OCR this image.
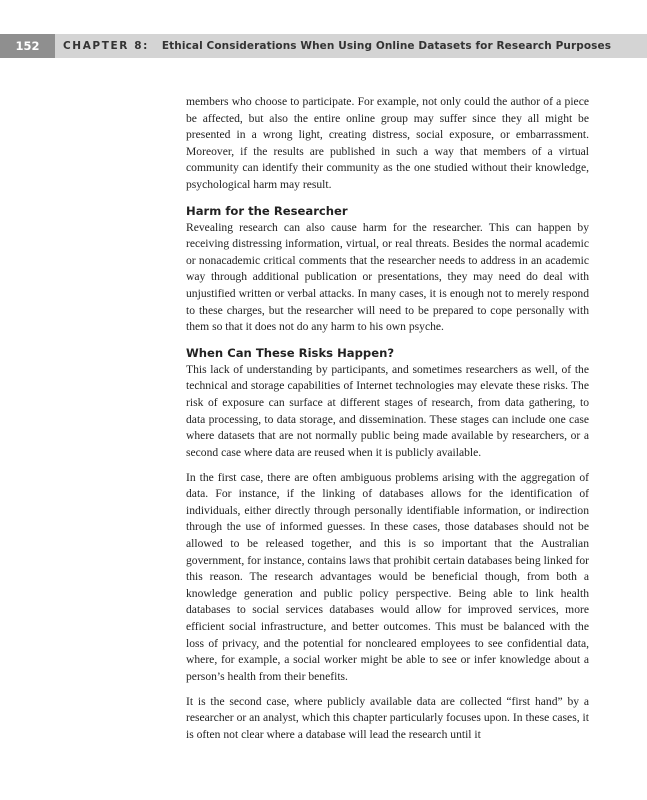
152	CHAPTER 8: Ethical Considerations When Using Online Datasets for Research Purposes

members who choose to participate. For example, not only could the author of a piece be affected, but also the entire online group may suffer since they all might be presented in a wrong light, creating distress, social exposure, or embarrassment. Moreover, if the results are published in such a way that members of a virtual community can identify their community as the one studied without their knowledge, psychological harm may result.

Harm for the Researcher

Revealing research can also cause harm for the researcher. This can happen by receiving distressing information, virtual, or real threats. Besides the normal academic or nonacademic critical comments that the researcher needs to address in an academic way through additional publication or presentations, they may need do deal with unjustified written or verbal attacks. In many cases, it is enough not to merely respond to these charges, but the researcher will need to be prepared to cope personally with them so that it does not do any harm to his own psyche.

When Can These Risks Happen?

This lack of understanding by participants, and sometimes researchers as well, of the technical and storage capabilities of Internet technologies may elevate these risks. The risk of exposure can surface at different stages of research, from data gathering, to data processing, to data storage, and dissemination. These stages can include one case where datasets that are not normally public being made available by researchers, or a second case where data are reused when it is publicly available.

In the first case, there are often ambiguous problems arising with the aggregation of data. For instance, if the linking of databases allows for the identification of individuals, either directly through personally identifiable information, or indirection through the use of informed guesses. In these cases, those databases should not be allowed to be released together, and this is so important that the Australian government, for instance, contains laws that prohibit certain databases being linked for this reason. The research advantages would be beneficial though, from both a knowledge generation and public policy perspective. Being able to link health databases to social services databases would allow for improved services, more efficient social infrastructure, and better outcomes. This must be balanced with the loss of privacy, and the potential for noncleared employees to see confidential data, where, for example, a social worker might be able to see or infer knowledge about a person’s health from their benefits.

It is the second case, where publicly available data are collected “first hand” by a researcher or an analyst, which this chapter particularly focuses upon. In these cases, it is often not clear where a database will lead the research until it
